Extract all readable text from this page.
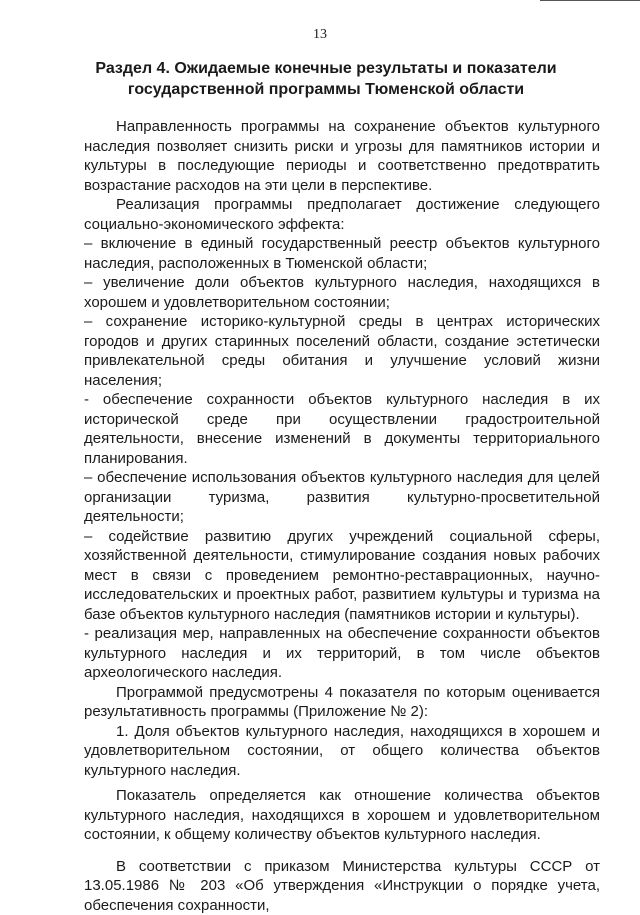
13
Раздел 4. Ожидаемые конечные результаты и показатели
государственной программы Тюменской области

Направленность программы на сохранение объектов культурного наследия позволяет снизить риски и угрозы для памятников истории и культуры в последующие периоды и соответственно предотвратить возрастание расходов на эти цели в перспективе.

Реализация программы предполагает достижение следующего социально-экономического эффекта:

– включение в единый государственный реестр объектов культурного наследия, расположенных в Тюменской области;

– увеличение доли объектов культурного наследия, находящихся в хорошем и удовлетворительном состоянии;

– сохранение историко-культурной среды в центрах исторических городов и других старинных поселений области, создание эстетически привлекательной среды обитания и улучшение условий жизни населения;

- обеспечение сохранности объектов культурного наследия в их исторической среде при осуществлении градостроительной деятельности, внесение изменений в документы территориального планирования.

– обеспечение использования объектов культурного наследия для целей организации туризма, развития культурно-просветительной деятельности;

– содействие развитию других учреждений социальной сферы, хозяйственной деятельности, стимулирование создания новых рабочих мест в связи с проведением ремонтно-реставрационных, научно-исследовательских и проектных работ, развитием культуры и туризма на базе объектов культурного наследия (памятников истории и культуры).

- реализация мер, направленных на обеспечение сохранности объектов культурного наследия и их территорий, в том числе объектов археологического наследия.

Программой предусмотрены 4 показателя по которым оценивается результативность программы (Приложение № 2):

1. Доля объектов культурного наследия, находящихся в хорошем и удовлетворительном состоянии, от общего количества объектов культурного наследия.

Показатель определяется как отношение количества объектов культурного наследия, находящихся в хорошем и удовлетворительном состоянии, к общему количеству объектов культурного наследия.

В соответствии с приказом Министерства культуры СССР от 13.05.1986 № 203 «Об утверждения «Инструкции о порядке учета, обеспечения сохранности,
